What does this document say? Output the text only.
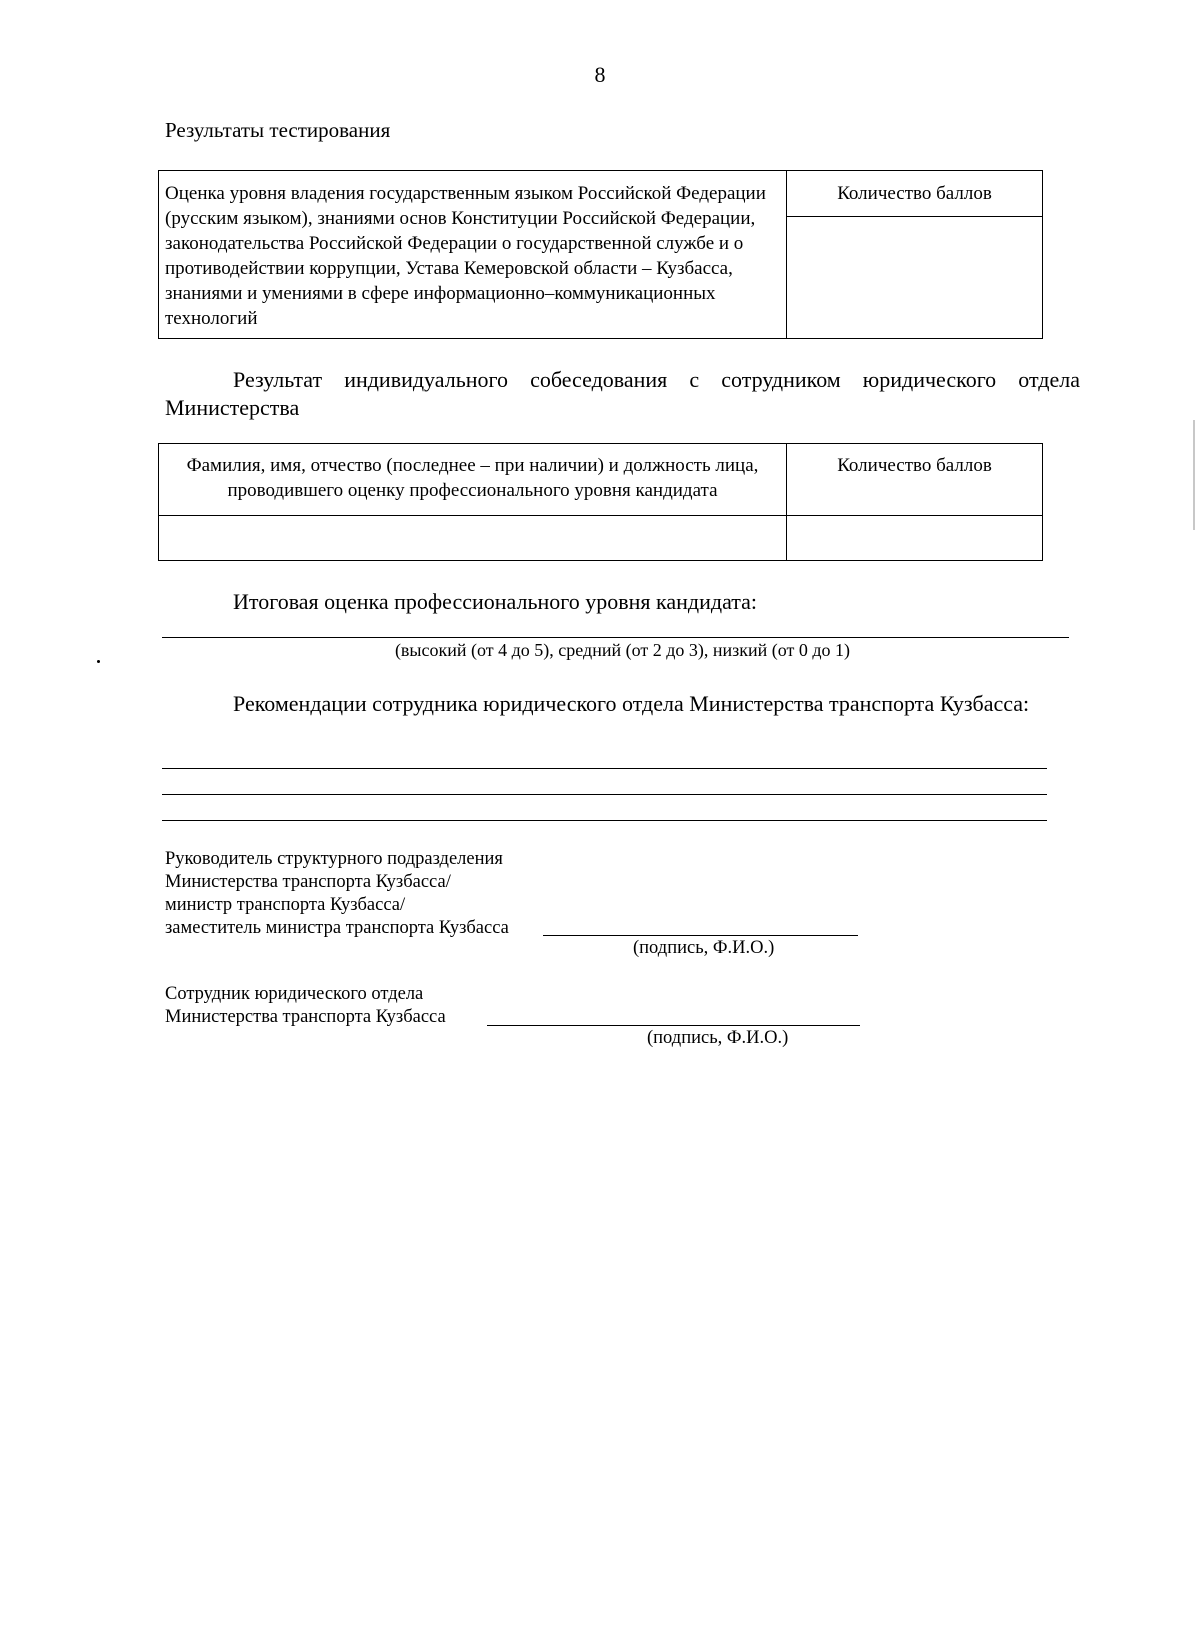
8
Результаты тестирования
Оценка уровня владения государственным языком Российской Федерации (русским языком), знаниями основ Конституции Российской Федерации, законодательства Российской Федерации о государственной службе и о противодействии коррупции, Устава Кемеровской области – Кузбасса, знаниями и умениями в сфере информационно–коммуникационных технологий	Количество баллов

Результат индивидуального собеседования с сотрудником юридического отдела Министерства
Фамилия, имя, отчество (последнее – при наличии) и должность лица, проводившего оценку профессионального уровня кандидата	Количество баллов

Итоговая оценка профессионального уровня кандидата:
(высокий (от 4 до 5), средний (от 2 до 3), низкий (от 0 до 1)
Рекомендации сотрудника юридического отдела Министерства транспорта Кузбасса:
Руководитель структурного подразделения
Министерства транспорта Кузбасса/
министр транспорта Кузбасса/
заместитель министра транспорта Кузбасса
(подпись, Ф.И.О.)
Сотрудник юридического отдела
Министерства транспорта Кузбасса
(подпись, Ф.И.О.)
